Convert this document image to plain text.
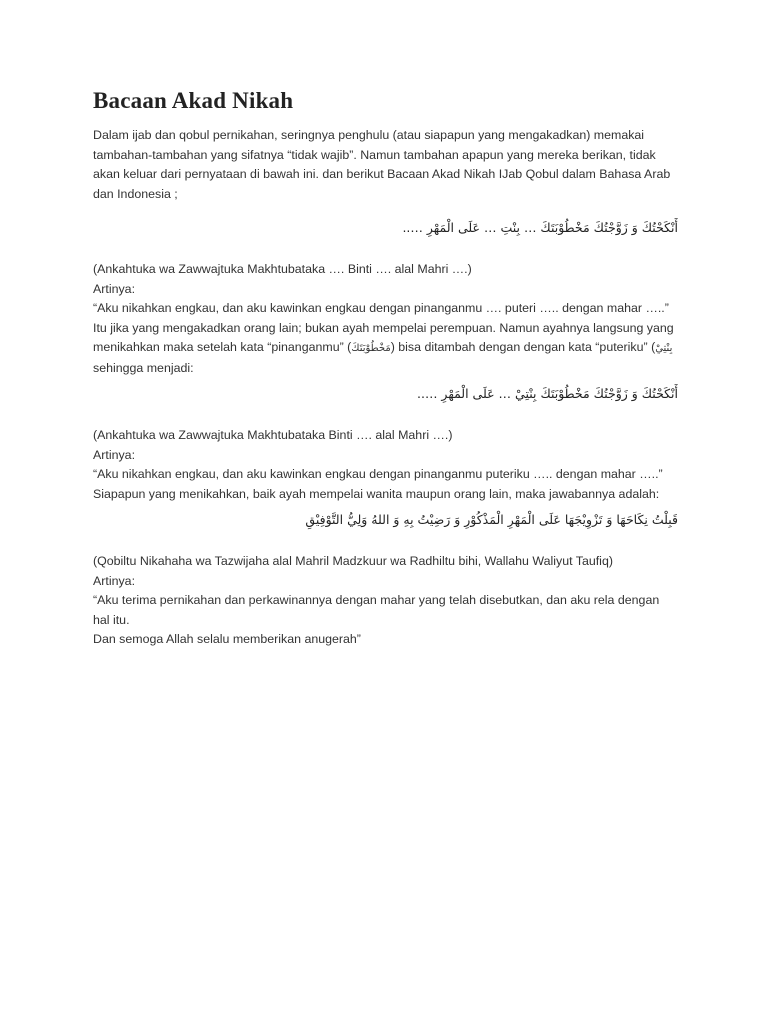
Bacaan Akad Nikah

Dalam ijab dan qobul pernikahan, seringnya penghulu (atau siapapun yang mengakadkan) memakai tambahan-tambahan yang sifatnya “tidak wajib”. Namun tambahan apapun yang mereka berikan, tidak akan keluar dari pernyataan di bawah ini. dan berikut Bacaan Akad Nikah IJab Qobul dalam Bahasa Arab dan Indonesia ;

أَنْكَحْتُكَ وَ زَوَّجْتُكَ مَخْطُوْبَتَكَ … بِنْتِ … عَلَى الْمَهْرِ …..

(Ankahtuka wa Zawwajtuka Makhtubataka …. Binti …. alal Mahri ….)
Artinya:
“Aku nikahkan engkau, dan aku kawinkan engkau dengan pinanganmu …. puteri ….. dengan mahar …..”
Itu jika yang mengakadkan orang lain; bukan ayah mempelai perempuan. Namun ayahnya langsung yang
menikahkan maka setelah kata “pinanganmu” (مَخْطُوْبَتَكَ) bisa ditambah dengan dengan kata “puteriku” (بِنْتِيْ
sehingga menjadi:

أَنْكَحْتُكَ وَ زَوَّجْتُكَ مَخْطُوْبَتَكَ بِنْتِيْ … عَلَى الْمَهْرِ …..

(Ankahtuka wa Zawwajtuka Makhtubataka Binti …. alal Mahri ….)
Artinya:
“Aku nikahkan engkau, dan aku kawinkan engkau dengan pinanganmu puteriku ….. dengan mahar …..”
Siapapun yang menikahkan, baik ayah mempelai wanita maupun orang lain, maka jawabannya adalah:

قَبِلْتُ نِكَاحَهَا وَ تَزْوِيْجَهَا عَلَى الْمَهْرِ الْمَذْكُوْرِ وَ رَضِيْتُ بِهِ وَ اللهُ وَلِيُّ التَّوْفِيْقِ

(Qobiltu Nikahaha wa Tazwijaha alal Mahril Madzkuur wa Radhiltu bihi, Wallahu Waliyut Taufiq)
Artinya:
“Aku terima pernikahan dan perkawinannya dengan mahar yang telah disebutkan, dan aku rela dengan hal itu.
Dan semoga Allah selalu memberikan anugerah”
